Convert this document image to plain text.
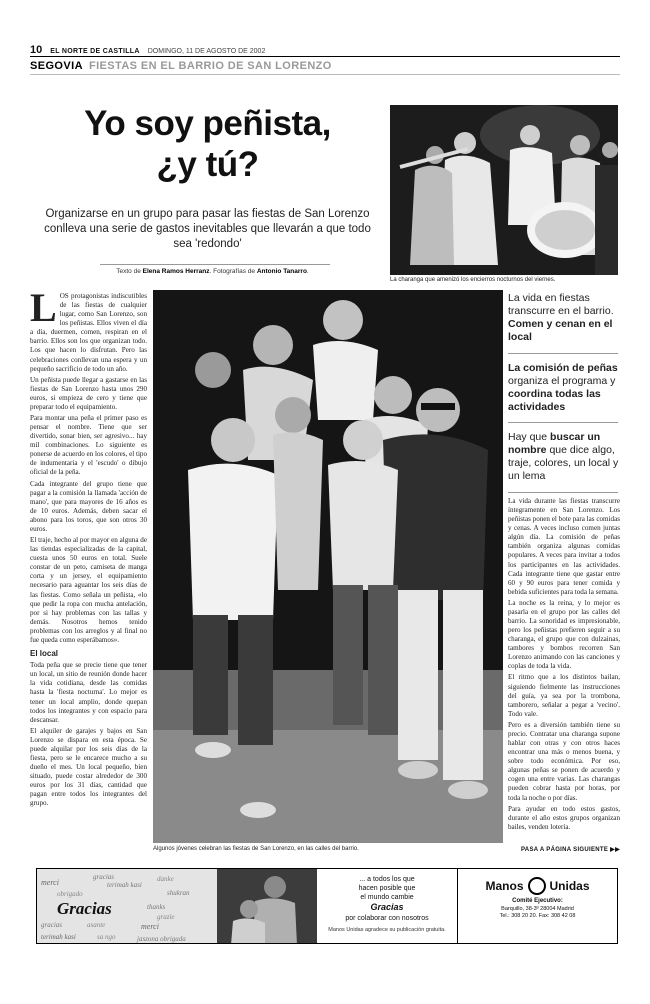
10 EL NORTE DE CASTILLA DOMINGO, 11 DE AGOSTO DE 2002
SEGOVIA FIESTAS EN EL BARRIO DE SAN LORENZO
Yo soy peñista,
¿y tú?
Organizarse en un grupo para pasar las fiestas de San Lorenzo conlleva una serie de gastos inevitables que llevarán a que todo sea 'redondo'
Texto de Elena Ramos Herranz. Fotografías de Antonio Tanarro.
La charanga que amenizó los encierros nocturnos del viernes.

LOS protagonistas indiscutibles de las fiestas de cualquier lugar, como San Lorenzo, son los peñistas. Ellos viven el día a día, duermen, comen, respiran en el barrio. Ellos son los que organizan todo. Los que hacen lo disfrutan. Pero las celebraciones conllevan una espera y un pequeño sacrificio de todo un año.

Un peñista puede llegar a gastarse en las fiestas de San Lorenzo hasta unos 290 euros, si empieza de cero y tiene que preparar todo el equipamiento.

Para montar una peña el primer paso es pensar el nombre. Tiene que ser divertido, sonar bien, ser agresivo... hay mil combinaciones. Lo siguiente es ponerse de acuerdo en los colores, el tipo de indumentaria y el 'escudo' o dibujo oficial de la peña.

Cada integrante del grupo tiene que pagar a la comisión la llamada 'acción de mano', que para mayores de 16 años es de 10 euros. Además, deben sacar el abono para los toros, que son otros 30 euros.

El traje, hecho al por mayor en alguna de las tiendas especializadas de la capital, cuesta unos 50 euros en total. Suele constar de un peto, camiseta de manga corta y un jersey, el equipamiento necesario para aguantar los seis días de las fiestas. Como señala un peñista, «lo que pedir la ropa con mucha antelación, por si hay problemas con las tallas y demás. Nosotros hemos tenido problemas con los arreglos y al final no fue queda como esperábamos».

El local

Toda peña que se precie tiene que tener un local, un sitio de reunión donde hacer la vida cotidiana, desde las comidas hasta la 'fiesta nocturna'. Lo mejor es tener un local amplio, donde quepan todos los integrantes y con espacio para descansar.

El alquiler de garajes y bajos en San Lorenzo se dispara en esta época. Se puede alquilar por los seis días de la fiesta, pero se le encarece mucho a su dueño el mes. Un local pequeño, bien situado, puede costar alrededor de 300 euros por los 31 días, cantidad que pagan entre todos los integrantes del grupo.

Algunos jóvenes celebran las fiestas de San Lorenzo, en las calles del barrio.
La vida en fiestas transcurre en el barrio. Comen y cenan en el local
La comisión de peñas organiza el programa y coordina todas las actividades
Hay que buscar un nombre que dice algo, traje, colores, un local y un lema

La vida durante las fiestas transcurre íntegramente en San Lorenzo. Los peñistas ponen el bote para las comidas y cenas. A veces incluso comen juntas algún día. La comisión de peñas también organiza algunas comidas populares. A veces para invitar a todos los participantes en las actividades. Cada integrante tiene que gastar entre 60 y 90 euros para tener comida y bebida suficientes para toda la semana.

La noche es la reina, y lo mejor es pasarla en el grupo por las calles del barrio. La sonoridad es impresionable, pero los peñistas prefieren seguir a su charanga, el grupo que con dulzainas, tambores y bombos recorren San Lorenzo animando con las canciones y coplas de toda la vida.

El ritmo que a los distintos bailan, siguiendo fielmente las instrucciones del guía, ya sea por la trombona, tamborero, señalar a pegar a 'vecino'. Todo vale.

Pero es a diversión también tiene su precio. Contratar una charanga supone hablar con otras y con otros haces encontrar una más o menos buena, y sobre todo económica. Por eso, algunas peñas se ponen de acuerdo y cogen una entre varias. Las charangas pueden cobrar hasta por horas, por toda la noche o por días.

Para ayudar en todo estos gastos, durante el año estos grupos organizan bailes, venden lotería.

PASA A PÁGINA SIGUIENTE ▶▶
gracias
merci	terimah kasi
obrigado
danke
shukran
Gracias	thanks
grazie
merci
gracias	asante
terimah kasi	sa ngo	jaszona obrigada
... a todos los que
hacen posible que
el mundo cambie
Gracias
por colaborar con nosotros
Manos Unidas agradece su publicación gratuita.
Manos Unidas
Comité Ejecutivo:
Barquillo, 38-3º 28004 Madrid
Tel.: 308 20 20. Fax: 308 42 08
